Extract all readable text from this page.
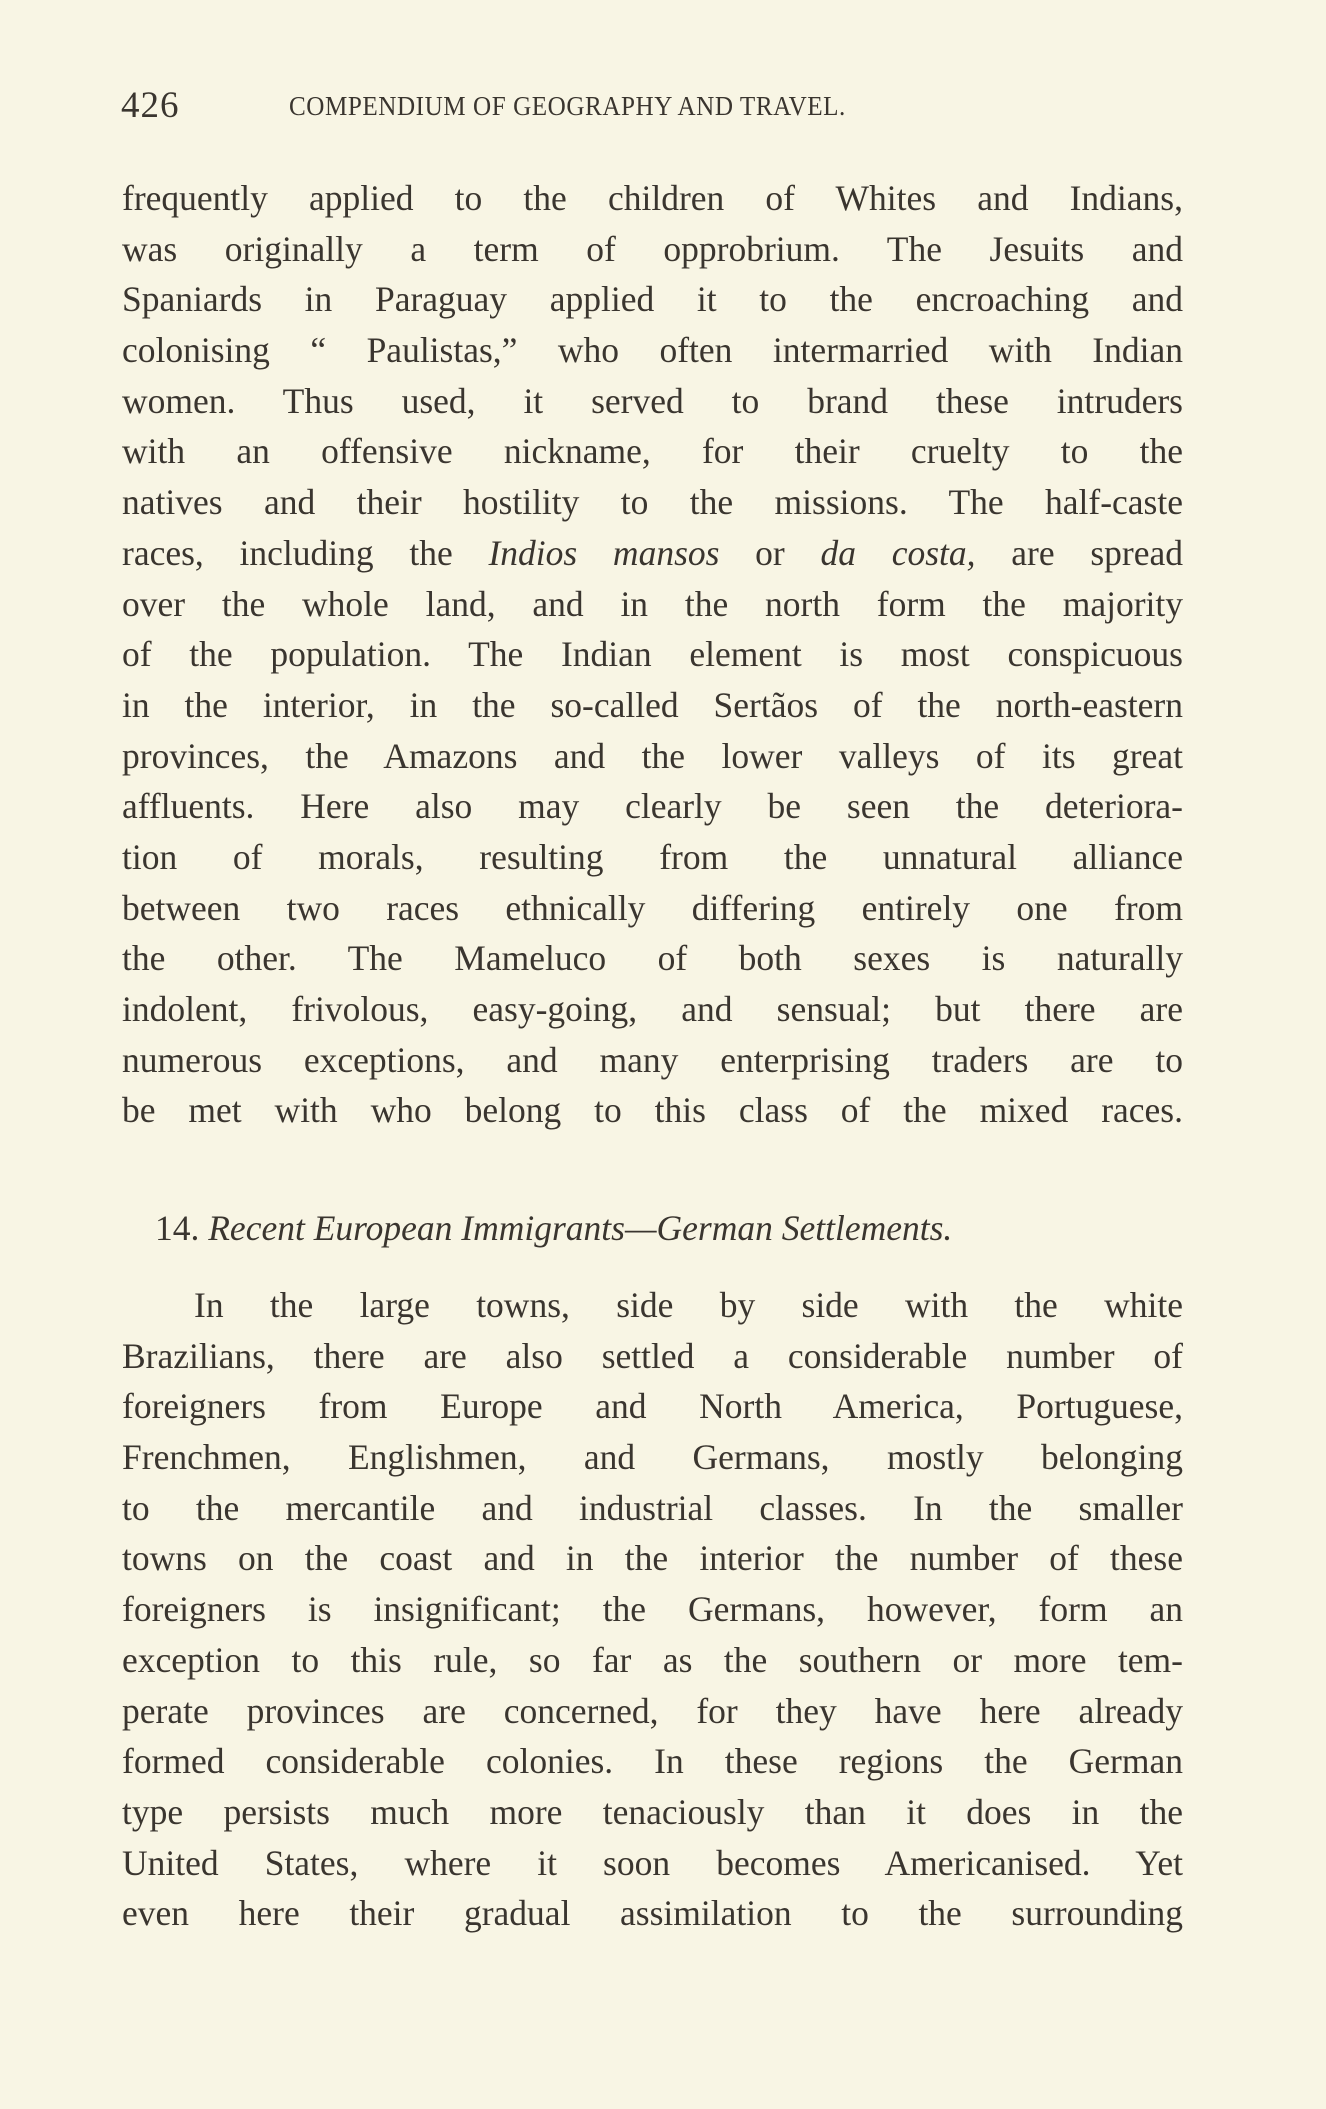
426	COMPENDIUM OF GEOGRAPHY AND TRAVEL.
frequently applied to the children of Whites and Indians,
was originally a term of opprobrium. The Jesuits and
Spaniards in Paraguay applied it to the encroaching and
colonising “ Paulistas,” who often intermarried with Indian
women. Thus used, it served to brand these intruders
with an offensive nickname, for their cruelty to the
natives and their hostility to the missions. The half-caste
races, including the Indios mansos or da costa, are spread
over the whole land, and in the north form the majority
of the population. The Indian element is most conspicuous
in the interior, in the so-called Sertãos of the north-eastern
provinces, the Amazons and the lower valleys of its great
affluents. Here also may clearly be seen the deteriora-
tion of morals, resulting from the unnatural alliance
between two races ethnically differing entirely one from
the other. The Mameluco of both sexes is naturally
indolent, frivolous, easy-going, and sensual; but there are
numerous exceptions, and many enterprising traders are to
be met with who belong to this class of the mixed races.
14. Recent European Immigrants—German Settlements.
In the large towns, side by side with the white
Brazilians, there are also settled a considerable number of
foreigners from Europe and North America, Portuguese,
Frenchmen, Englishmen, and Germans, mostly belonging
to the mercantile and industrial classes. In the smaller
towns on the coast and in the interior the number of these
foreigners is insignificant; the Germans, however, form an
exception to this rule, so far as the southern or more tem-
perate provinces are concerned, for they have here already
formed considerable colonies. In these regions the German
type persists much more tenaciously than it does in the
United States, where it soon becomes Americanised. Yet
even here their gradual assimilation to the surrounding
